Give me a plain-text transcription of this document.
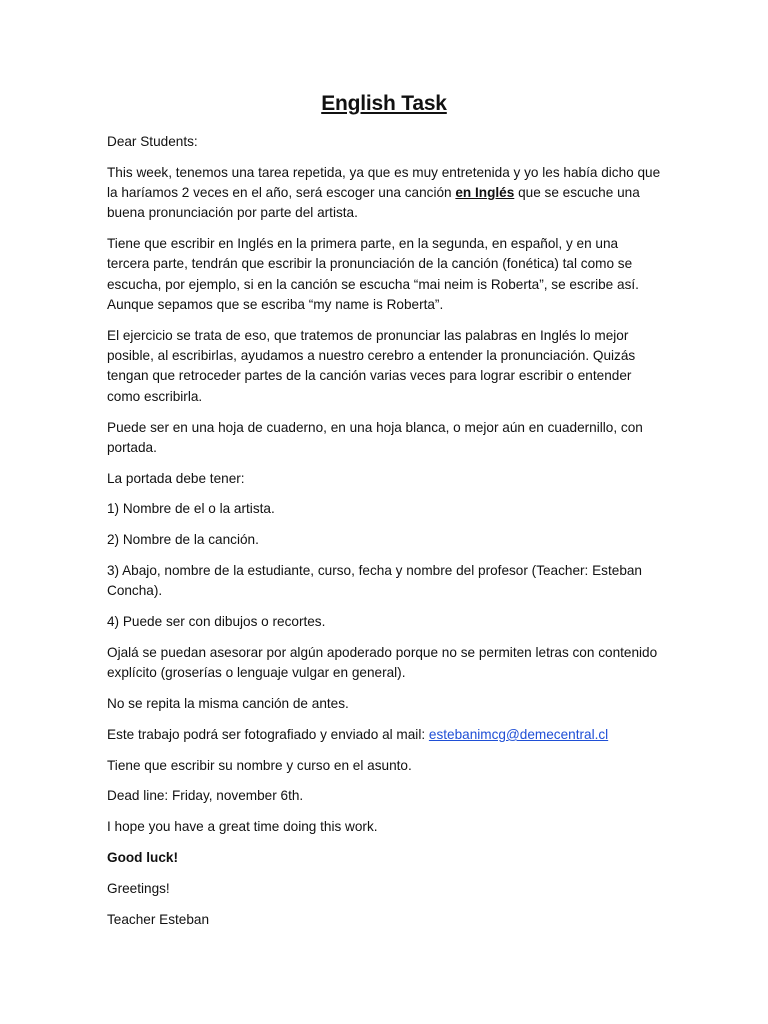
English Task

Dear Students:

This week, tenemos una tarea repetida, ya que es muy entretenida y yo les había dicho que la haríamos 2 veces en el año, será escoger una canción en Inglés que se escuche una buena pronunciación por parte del artista.

Tiene que escribir en Inglés en la primera parte, en la segunda, en español, y en una tercera parte, tendrán que escribir la pronunciación de la canción (fonética) tal como se escucha, por ejemplo, si en la canción se escucha “mai neim is Roberta”, se escribe así. Aunque sepamos que se escriba “my name is Roberta”.

El ejercicio se trata de eso, que tratemos de pronunciar las palabras en Inglés lo mejor posible, al escribirlas, ayudamos a nuestro cerebro a entender la pronunciación. Quizás tengan que retroceder partes de la canción varias veces para lograr escribir o entender como escribirla.

Puede ser en una hoja de cuaderno, en una hoja blanca, o mejor aún en cuadernillo, con portada.

La portada debe tener:

1) Nombre de el o la artista.

2) Nombre de la canción.

3) Abajo, nombre de la estudiante, curso, fecha y nombre del profesor (Teacher: Esteban Concha).

4) Puede ser con dibujos o recortes.

Ojalá se puedan asesorar por algún apoderado porque no se permiten letras con contenido explícito (groserías o lenguaje vulgar en general).

No se repita la misma canción de antes.

Este trabajo podrá ser fotografiado y enviado al mail: estebanimcg@demecentral.cl

Tiene que escribir su nombre y curso en el asunto.

Dead line: Friday, november 6th.

I hope you have a great time doing this work.

Good luck!

Greetings!

Teacher Esteban
